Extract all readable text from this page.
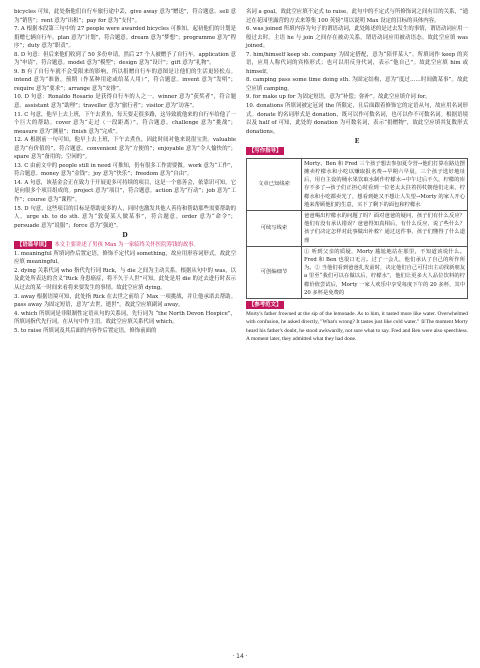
bicycles 可知，此处指他们自行车旅行途中丢，give away 意为“赠送”，符合题意。sell 意为“销售”；rent 意为“出租”；pay for 意为“支付”。

7. A 根据本段第三句中的 27 people were awarded bicycles 可推知，起初他们的计划是捐赠七辆自行车。plan 意为“计划”，符合题意。dream 意为“梦想”；programme 意为“程序”；duty 意为“职责”。

8. D 句意：但后来他们收到了 50 多份申请，然后 27 个人被赠予了自行车。application 意为“申请”，符合题意。model 意为“模型”；design 意为“设计”；gift 意为“礼物”。

9. B 有了自行车就不会受限来的影响，所以捐赠自行车的意图是让他们的生活更轻松点。intend 意为“准备，预期（作某种用途或给某人用）”，符合题意。invent 意为“发明”；require 意为“要求”；arrange 意为“安排”。

10. D 句意：Ronaldo Rosario 是获得自行车的人之一。winner 意为“获奖者”，符合题意。assistant 意为“助理”；traveller 意为“旅行者”；visitor 意为“访客”。

11. C 句意，他早上去上班，下午去煮鱼，每天要走很多路，这导致就他来的自行车给他了一个巨大的帮助。cover 意为“走过（一段距离）”，符合题意。challenge 意为“挑战”；measure 意为“测量”；finish 意为“完成”。

12. A 根据前一句可知，他早上去上班，下午去煮鱼，因此时间对他来说很宝贵。valuable 意为“有价值的”，符合题意。convenient 意为“方便的”；enjoyable 意为“令人愉快的”；spare 意为“备用的；空闲的”。

13. C 由前文中的 people still in need 可推知，仍有很多工作需要做。work 意为“工作”，符合题意。money 意为“金钱”；joy 意为“快乐”；freedom 意为“自由”。

14. A 句意，该基金会正在致力于开展更多可持续的项目，这是一个慈善会，依靠识可知，它是向很多个项目组成的。project 意为“项目”，符合题意。action 意为“行动”；job 意为“工作”；course 意为“课程”。

15. D 句意，这些项目的目标是帮助更多的人，同时也激发其他人善待和帮助那些需要帮助的人。urge sb. to do sth. 意为“敦促某人做某事”，符合题意。order 意为“命令”；persuade 意为“说服”；force 意为“强迫”。

D

【语篇导读】 本文主要讲述了男孩 Max 为一家临终关怀医院筹钱的故事。

1. meaningful 所填词作后置定语，修饰不定代词 something，故应用形容词形式。故此空应填 meaningful。

2. dying 关系代词 who 指代先行词 Rick，与 die 之间为主动关系。根据从句中的 was，以及此处所表达的含义“Rick 身患癌症，将不久于人世”可知，此处是用 die 的过去进行时表示从过去的某一时间来看将来要发生的事情。故此空应填 dying。

3. away 根据语境可知，此处指 Rick 在去世之前给了 Max 一项挑战，并让他承诺去帮助。pass away 为固定短语，意为“去世，逝世”。故此空应填副词 away。

4. which 所填词是非限制性定语从句的关系词，先行词为 “the North Devon Hospice”，所填词指代先行词，在从句中作主语。故此空应填关系代词 which。

5. to raise 所填词及其后面的内容作后置定语，修饰前面的

名词 a goal，故此空应填不定式 to raise。此句中的不定式与所修饰词之间有目的关系，“通过在花园里露营的方式来筹集 100 英镑”用以说明 Max 设定的目标的具体内容。

6. was joined 所填内容为句子的谓语动词，此处陈述的是过去发生的事情，谓语动词应用一般过去时。主语 he 与 join 之间存在被动关系，谓语动词应用被动语态。故此空应填 was joined。

7. him/himself keep sb. company 为固定搭配，意为“陪伴某人”。所填词作 keep 的宾语，应用人称代词的宾格形式；也可以用反身代词，表示“他自己”。故此空应填 him 或 himself。

8. camping pass some time doing sth. 为固定结构，意为“度过……时间做某事”。故此空应填 camping。

9. for make up for 为固定短语，意为“补偿；弥补”。故此空应填介词 for。

10. donations 所填词被定冠词 the 所限定，且后面跟着修饰它的定语从句，故应用名词形式。donate 的名词形式是 donation，既可以作可数名词，也可以作不可数名词。根据语境以及 half of 可知，此处的 donation 为可数名词，表示“捐赠物”，故此空应填其复数形式 donations。

E

【写作指导】

文章已知线索	Morty、Ben 和 Fred 三个孩子想去参加夏令营→他们打算在路边摆摊卖柠檬水和小吃以赚取报名费→早期六早晨，三个孩子选好地址后，用自主设的桶水果饮取水制作柠檬水→中午过后不久，柠檬的库存不多了→孩子们正担心时看到一位老太太拄着拐杖朝他们走来，柠檬水和小吃都卖光了，想看到她又不想让人失望→Morty 的家人开心地来帮顾他们的生意，买下了剩下的面包和柠檬水
可续写线索	爸爸喝出柠檬水的问题了吗？面对爸爸的疑问，孩子们有什么反应？他们有没有承认错误？爸爸得知真相后，有什么反应，说了些什么？孩子们决定怎样对此事做出补救？通过这件事，孩子们懂得了什么道理
可创编细节	① 听到父亲的质疑，Morty 尴尬地站在那里，不知道该说什么。Fred 和 Ben 也很口无言。过了一会儿，他们承认了自己的所作所为。② 当他们看到爸爸扎发前时，决定他们自己可付出主动找新朋友 a 里至“我们可以在做以后，柠檬水”，他们让更多大人品位饮料的柠檬价值尝试后，Morty 一家人欢乐中享受每度下午的 20 多杯，其中 20 多杯是免费的

【参考范文】

Morty's father frowned at the sip of the lemonade. As to him, it tasted more like water. Overwhelmed with confusion, he asked directly, "What's wrong? It tastes just like cold water." ①The moment Morty heard his father's doubt, he stood awkwardly, not sure what to say. Fred and Ben were also speechless. A moment later, they admitted what they had done.

· 14 ·
